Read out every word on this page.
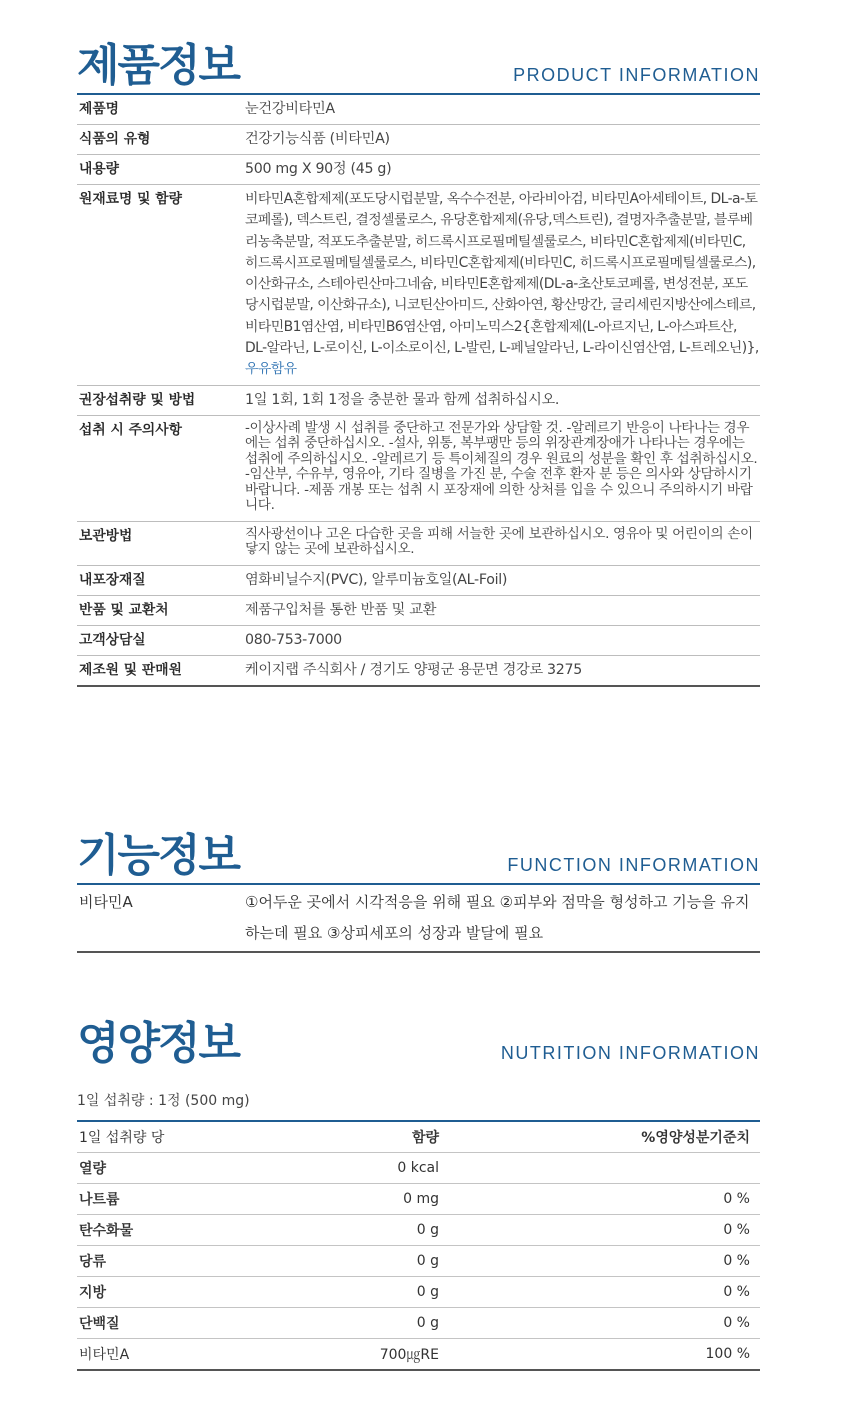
제품정보	PRODUCT INFORMATION
제품명	눈건강비타민A
식품의 유형	건강기능식품 (비타민A)
내용량	500 mg X 90정 (45 g)
원재료명 및 함량	비타민A혼합제제(포도당시럽분말, 옥수수전분, 아라비아검, 비타민A아세테이트, DL-a-토코페롤), 덱스트린, 결정셀룰로스, 유당혼합제제(유당,덱스트린), 결명자추출분말, 블루베리농축분말, 적포도추출분말, 히드록시프로필메틸셀룰로스, 비타민C혼합제제(비타민C, 히드록시프로필메틸셀룰로스, 비타민C혼합제제(비타민C, 히드록시프로필메틸셀룰로스), 이산화규소, 스테아린산마그네슘, 비타민E혼합제제(DL-a-초산토코페롤, 변성전분, 포도당시럽분말, 이산화규소), 니코틴산아미드, 산화아연, 황산망간, 글리세린지방산에스테르, 비타민B1염산염, 비타민B6염산염, 아미노믹스2{혼합제제(L-아르지닌, L-아스파트산, DL-알라닌, L-로이신, L-이소로이신, L-발린, L-페닐알라닌, L-라이신염산염, L-트레오닌)}, 우유함유
권장섭취량 및 방법	1일 1회, 1회 1정을 충분한 물과 함께 섭취하십시오.
섭취 시 주의사항	-이상사례 발생 시 섭취를 중단하고 전문가와 상담할 것. -알레르기 반응이 나타나는 경우에는 섭취 중단하십시오. -설사, 위통, 복부팽만 등의 위장관계장애가 나타나는 경우에는 섭취에 주의하십시오. -알레르기 등 특이체질의 경우 원료의 성분을 확인 후 섭취하십시오. -임산부, 수유부, 영유아, 기타 질병을 가진 분, 수술 전후 환자 분 등은 의사와 상담하시기 바랍니다. -제품 개봉 또는 섭취 시 포장재에 의한 상처를 입을 수 있으니 주의하시기 바랍니다.
보관방법	직사광선이나 고온 다습한 곳을 피해 서늘한 곳에 보관하십시오. 영유아 및 어린이의 손이 닿지 않는 곳에 보관하십시오.
내포장재질	염화비닐수지(PVC), 알루미늄호일(AL-Foil)
반품 및 교환처	제품구입처를 통한 반품 및 교환
고객상담실	080-753-7000
제조원 및 판매원	케이지랩 주식회사 / 경기도 양평군 용문면 경강로 3275
기능정보	FUNCTION INFORMATION
비타민A	①어두운 곳에서 시각적응을 위해 필요 ②피부와 점막을 형성하고 기능을 유지하는데 필요 ③상피세포의 성장과 발달에 필요
영양정보	NUTRITION INFORMATION
1일 섭취량 : 1정 (500 mg)
1일 섭취량 당	함량	%영양성분기준치
열량	0 kcal	
나트륨	0 mg	0 %
탄수화물	0 g	0 %
당류	0 g	0 %
지방	0 g	0 %
단백질	0 g	0 %
비타민A	700㎍RE	100 %
